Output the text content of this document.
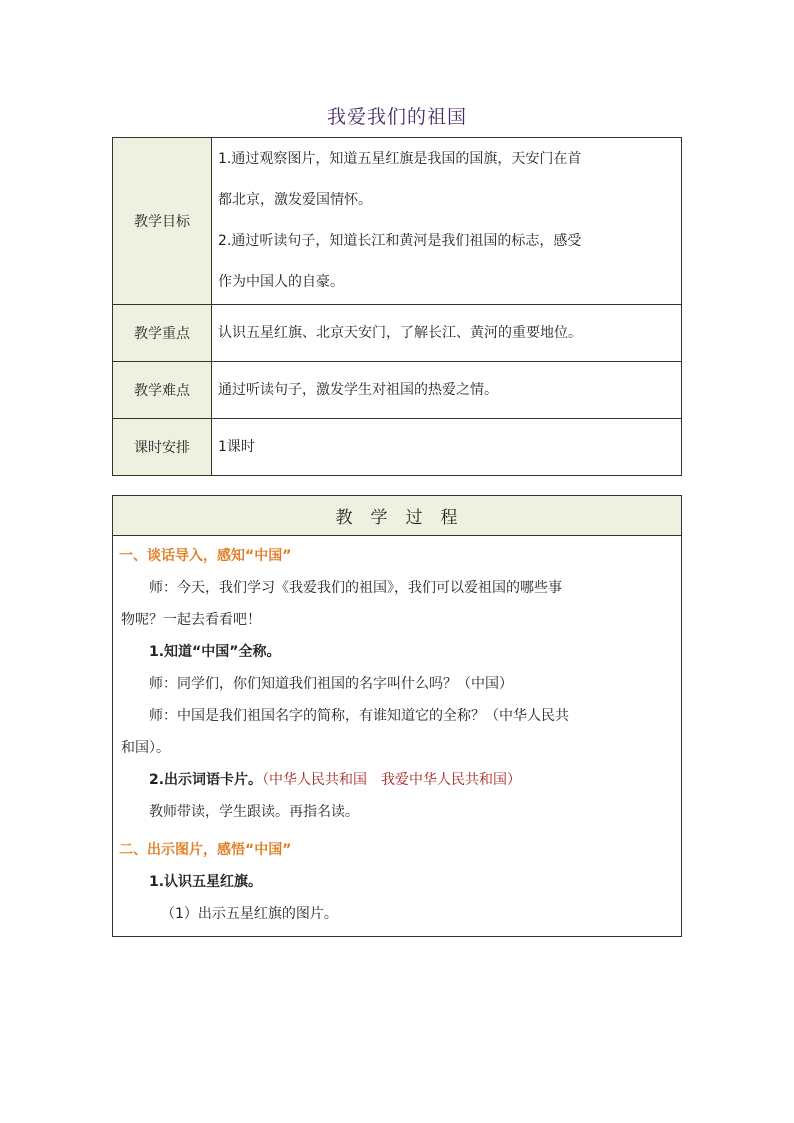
我爱我们的祖国
教学目标	1.通过观察图片，知道五星红旗是我国的国旗，天安门在首
都北京，激发爱国情怀。
2.通过听读句子，知道长江和黄河是我们祖国的标志，感受
作为中国人的自豪。

教学重点	认识五星红旗、北京天安门，了解长江、黄河的重要地位。
教学难点	通过听读句子，激发学生对祖国的热爱之情。
课时安排	1课时
教学过程

一、谈话导入，感知“中国”
师：今天，我们学习《我爱我们的祖国》，我们可以爱祖国的哪些事
物呢？一起去看看吧！
1.知道“中国”全称。
师：同学们，你们知道我们祖国的名字叫什么吗？（中国）
师：中国是我们祖国名字的简称，有谁知道它的全称？（中华人民共
和国）。
2.出示词语卡片。（中华人民共和国　我爱中华人民共和国）
教师带读，学生跟读。再指名读。
二、出示图片，感悟“中国”
1.认识五星红旗。
（1）出示五星红旗的图片。
